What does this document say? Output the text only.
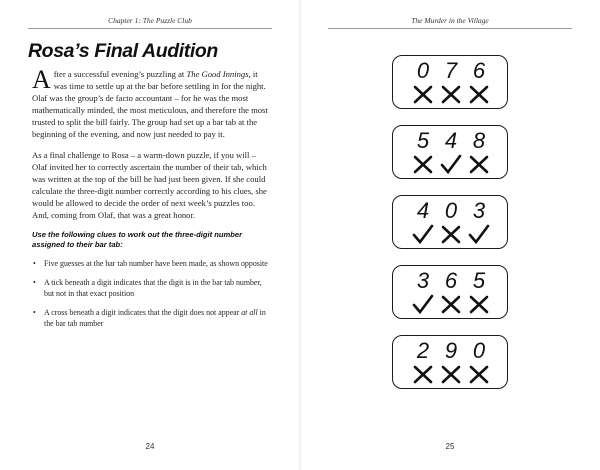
Chapter 1: The Puzzle Club
Rosa’s Final Audition

After a successful evening’s puzzling at The Good Innings, it was time to settle up at the bar before settling in for the night. Olaf was the group’s de facto accountant – for he was the most mathematically minded, the most meticulous, and therefore the most trusted to split the bill fairly. The group had set up a bar tab at the beginning of the evening, and now just needed to pay it.

As a final challenge to Rosa – a warm-down puzzle, if you will – Olaf invited her to correctly ascertain the number of their tab, which was written at the top of the bill he had just been given. If she could calculate the three-digit number correctly according to his clues, she would be allowed to decide the order of next week’s puzzles too. And, coming from Olaf, that was a great honor.

Use the following clues to work out the three-digit number assigned to their bar tab:
• Five guesses at the bar tab number have been made, as shown opposite
• A tick beneath a digit indicates that the digit is in the bar tab number, but not in that exact position
• A cross beneath a digit indicates that the digit does not appear at all in the bar tab number
24
The Murder in the Village
0 7 6
5 4 8
4 0 3
3 6 5
2 9 0
25
